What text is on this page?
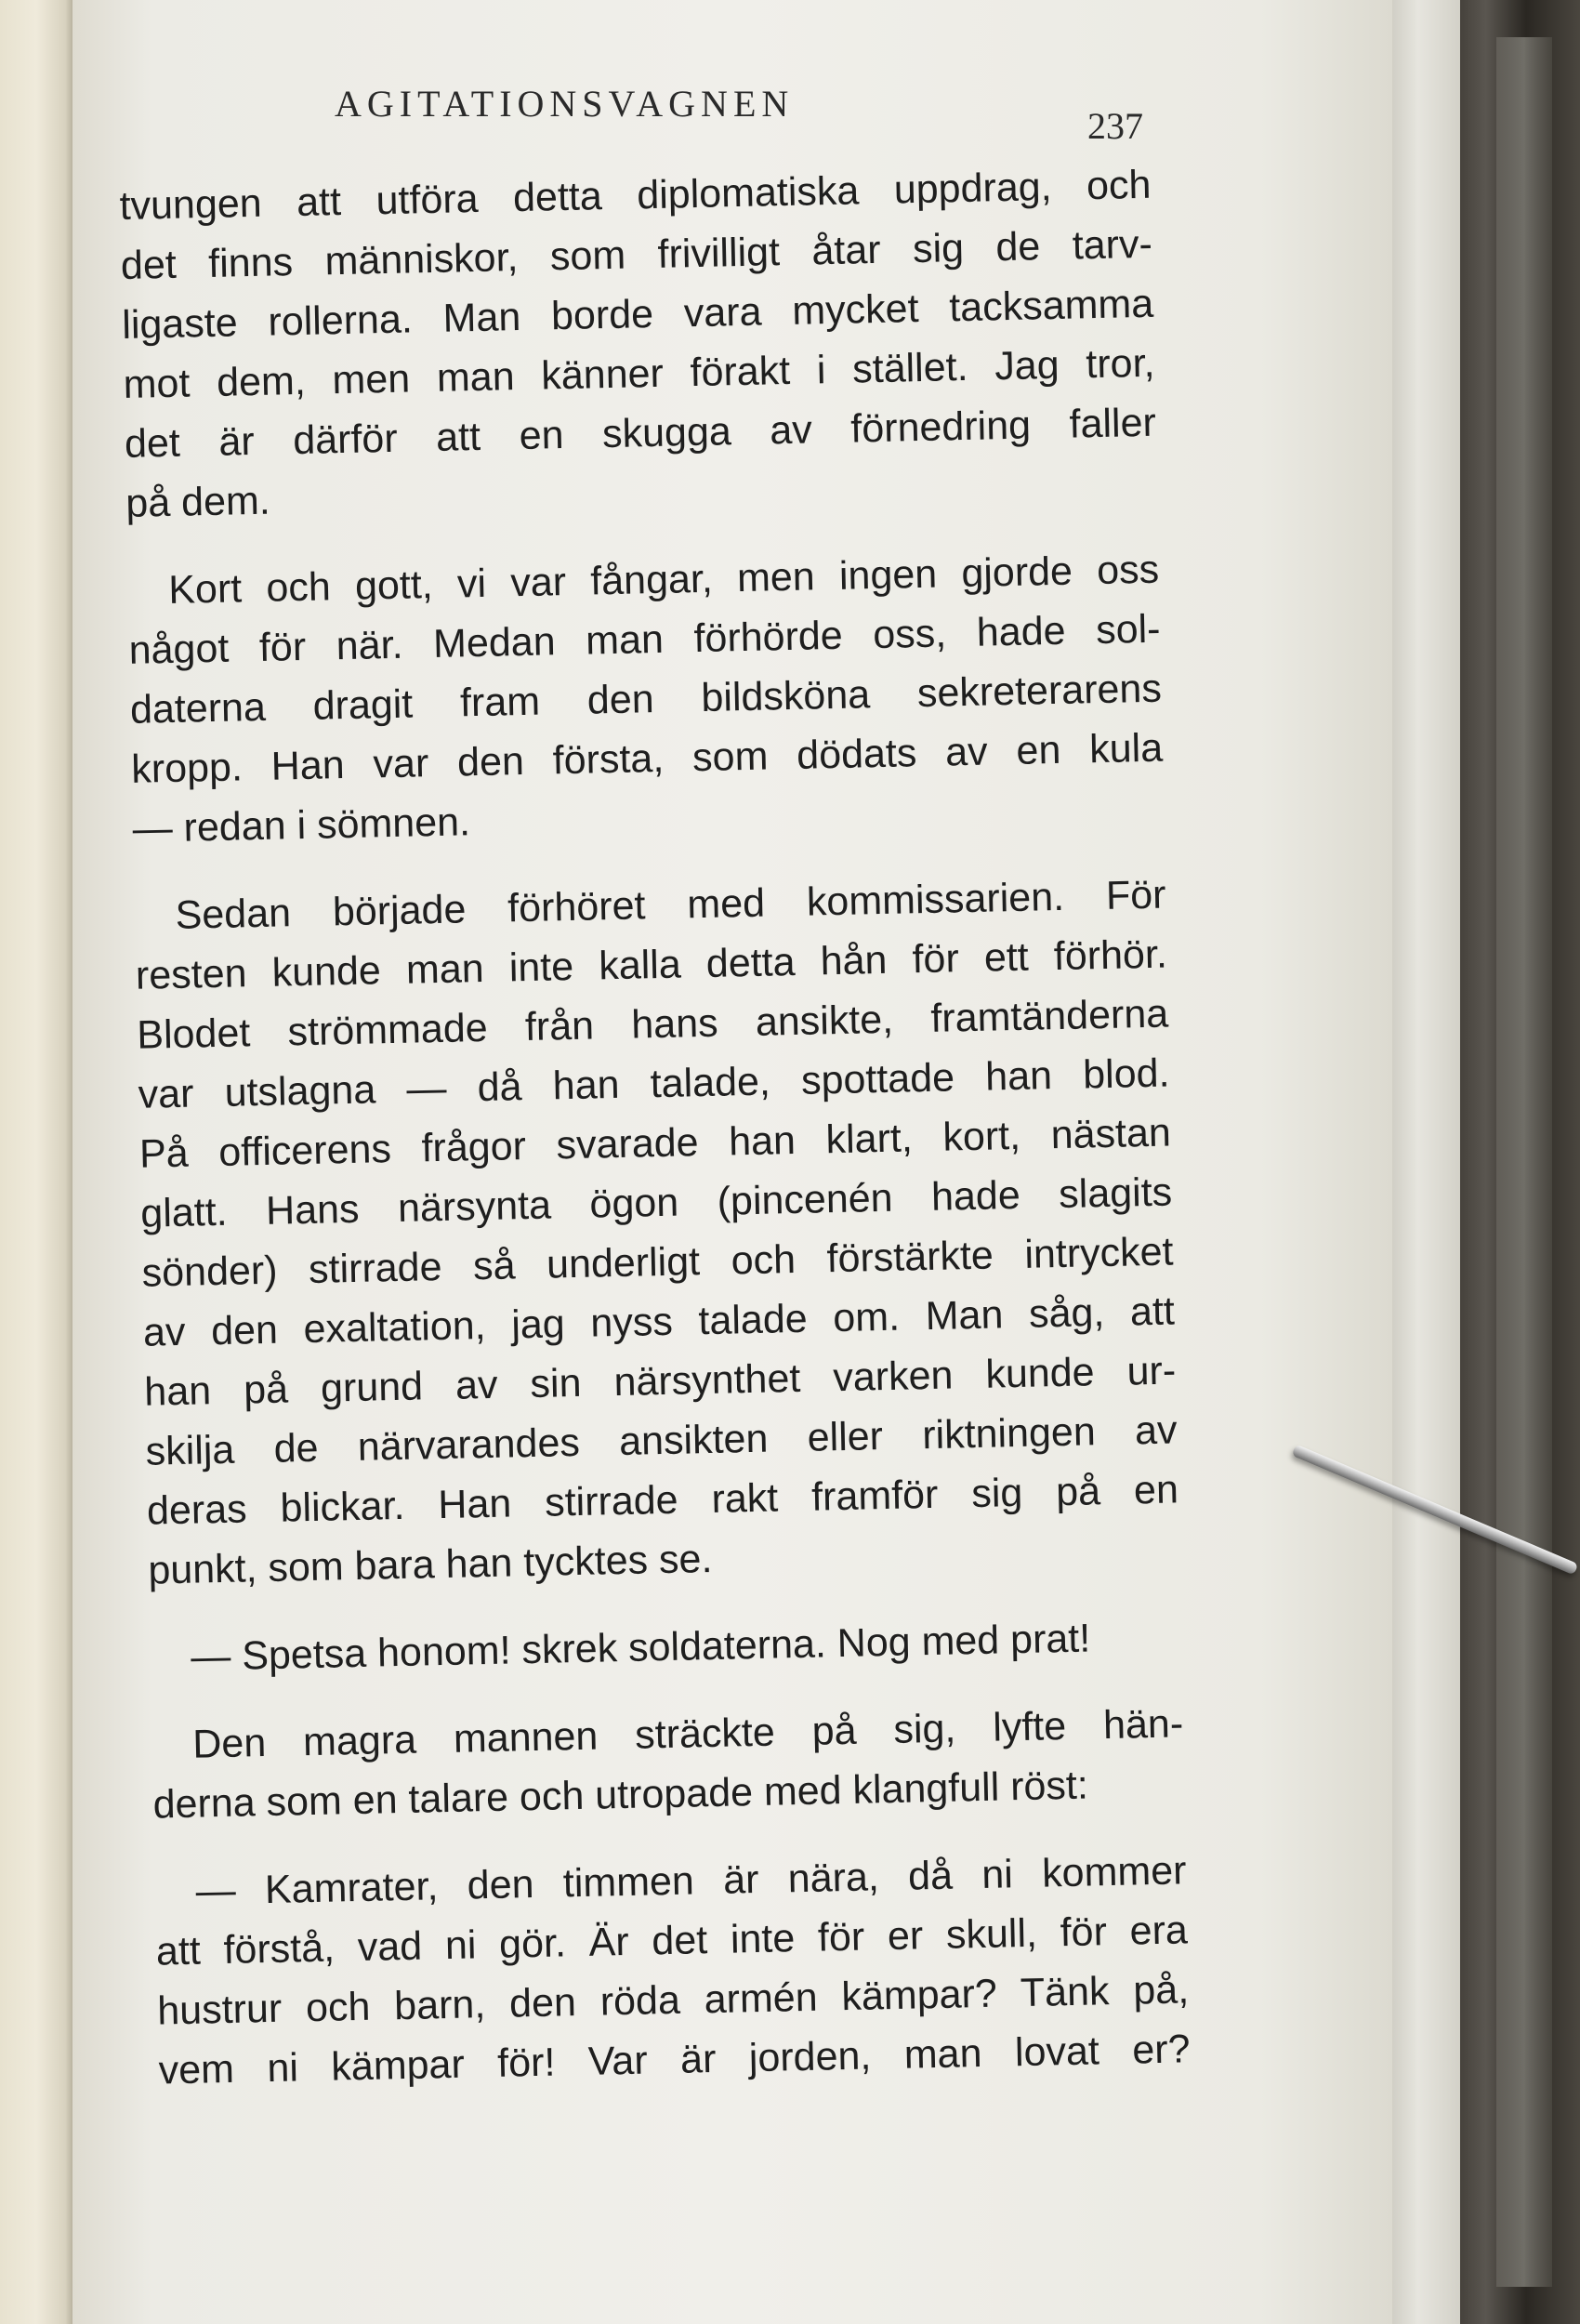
AGITATIONSVAGNEN
237
tvungen att utföra detta diplomatiska uppdrag, och
det finns människor, som frivilligt åtar sig de tarv-
ligaste rollerna. Man borde vara mycket tacksamma
mot dem, men man känner förakt i stället. Jag tror,
det är därför att en skugga av förnedring faller
på dem.
Kort och gott, vi var fångar, men ingen gjorde oss
något för när. Medan man förhörde oss, hade sol-
daterna dragit fram den bildsköna sekreterarens
kropp. Han var den första, som dödats av en kula
— redan i sömnen.
Sedan började förhöret med kommissarien. För
resten kunde man inte kalla detta hån för ett förhör.
Blodet strömmade från hans ansikte, framtänderna
var utslagna — då han talade, spottade han blod.
På officerens frågor svarade han klart, kort, nästan
glatt. Hans närsynta ögon (pincenén hade slagits
sönder) stirrade så underligt och förstärkte intrycket
av den exaltation, jag nyss talade om. Man såg, att
han på grund av sin närsynthet varken kunde ur-
skilja de närvarandes ansikten eller riktningen av
deras blickar. Han stirrade rakt framför sig på en
punkt, som bara han tycktes se.
— Spetsa honom! skrek soldaterna. Nog med prat!
Den magra mannen sträckte på sig, lyfte hän-
derna som en talare och utropade med klangfull röst:
— Kamrater, den timmen är nära, då ni kommer
att förstå, vad ni gör. Är det inte för er skull, för era
hustrur och barn, den röda armén kämpar? Tänk på,
vem ni kämpar för! Var är jorden, man lovat er?
